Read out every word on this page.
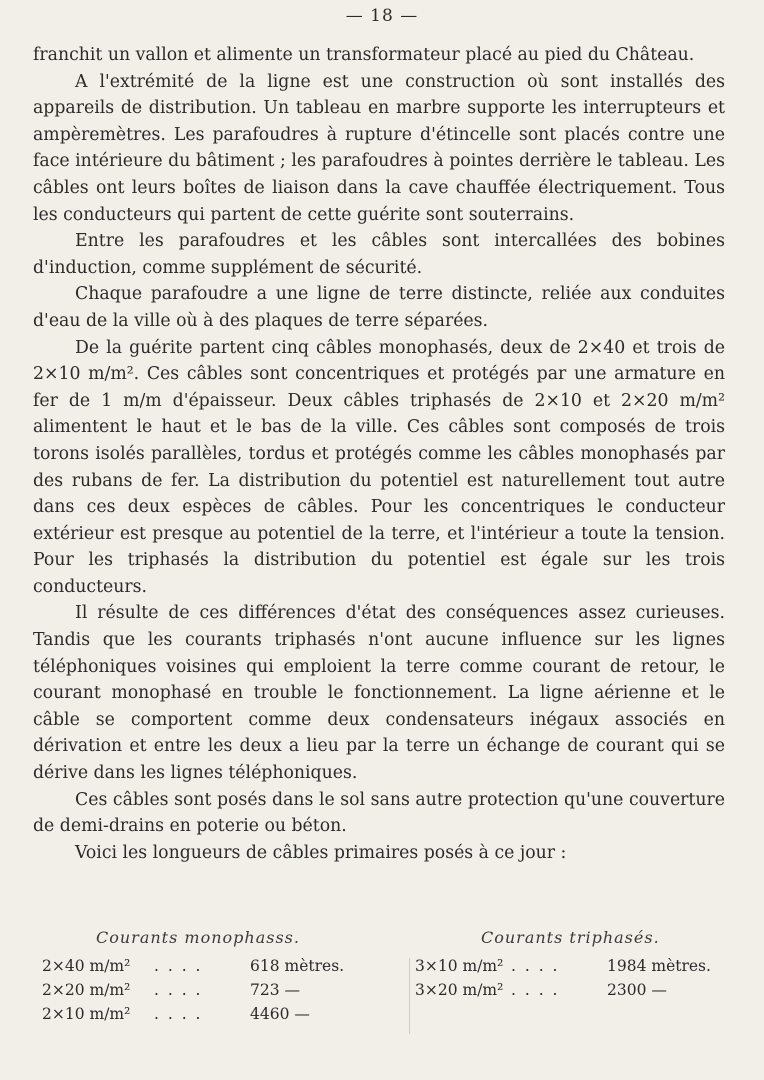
— 18 —

franchit un vallon et alimente un transformateur placé au pied du Château.

A l'extrémité de la ligne est une construction où sont installés des appareils de distribution. Un tableau en marbre supporte les interrupteurs et ampèremètres. Les parafoudres à rupture d'étincelle sont placés contre une face intérieure du bâtiment ; les parafoudres à pointes derrière le tableau. Les câbles ont leurs boîtes de liaison dans la cave chauffée électriquement. Tous les conducteurs qui partent de cette guérite sont souterrains.

Entre les parafoudres et les câbles sont intercallées des bobines d'induction, comme supplément de sécurité.

Chaque parafoudre a une ligne de terre distincte, reliée aux conduites d'eau de la ville où à des plaques de terre séparées.

De la guérite partent cinq câbles monophasés, deux de 2×40 et trois de 2×10 m/m². Ces câbles sont concentriques et protégés par une armature en fer de 1 m/m d'épaisseur. Deux câbles triphasés de 2×10 et 2×20 m/m² alimentent le haut et le bas de la ville. Ces câbles sont composés de trois torons isolés parallèles, tordus et protégés comme les câbles monophasés par des rubans de fer. La distribution du potentiel est naturellement tout autre dans ces deux espèces de câbles. Pour les concentriques le conducteur extérieur est presque au potentiel de la terre, et l'intérieur a toute la tension. Pour les triphasés la distribution du potentiel est égale sur les trois conducteurs.

Il résulte de ces différences d'état des conséquences assez curieuses. Tandis que les courants triphasés n'ont aucune influence sur les lignes téléphoniques voisines qui emploient la terre comme courant de retour, le courant monophasé en trouble le fonctionnement. La ligne aérienne et le câble se comportent comme deux condensateurs inégaux associés en dérivation et entre les deux a lieu par la terre un échange de courant qui se dérive dans les lignes téléphoniques.

Ces câbles sont posés dans le sol sans autre protection qu'une couverture de demi-drains en poterie ou béton.

Voici les longueurs de câbles primaires posés à ce jour :

Courants monophasss.
2×40 m/m² . . . .	618 mètres.
2×20 m/m² . . . .	723 —
2×10 m/m² . . . .	4460 —
Courants triphasés.
3×10 m/m² . . . .	1984 mètres.
3×20 m/m² . . . .	2300 —
